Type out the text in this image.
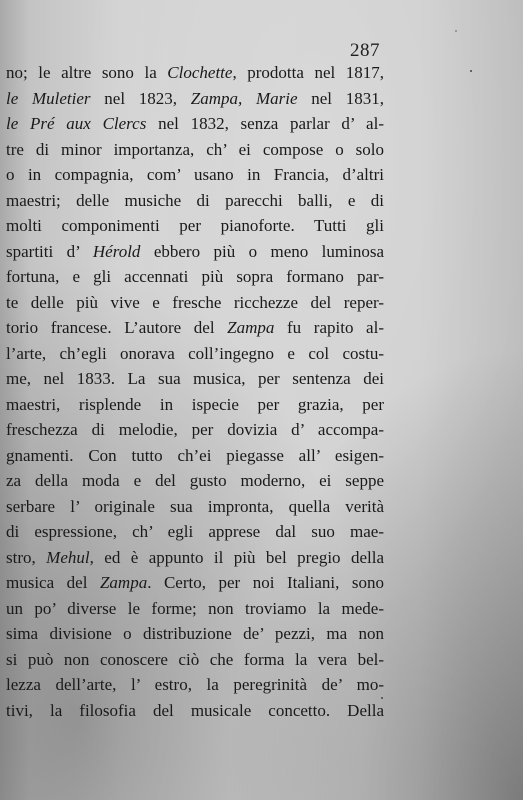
287
no; le altre sono la Clochette, prodotta nel 1817,
le Muletier nel 1823, Zampa, Marie nel 1831,
le Pré aux Clercs nel 1832, senza parlar d’ al-
tre di minor importanza, ch’ ei compose o solo
o in compagnia, com’ usano in Francia, d’altri
maestri; delle musiche di parecchi balli, e di
molti componimenti per pianoforte. Tutti gli
spartiti d’ Hérold ebbero più o meno luminosa
fortuna, e gli accennati più sopra formano par-
te delle più vive e fresche ricchezze del reper-
torio francese. L’autore del Zampa fu rapito al-
l’arte, ch’egli onorava coll’ingegno e col costu-
me, nel 1833. La sua musica, per sentenza dei
maestri, risplende in ispecie per grazia, per
freschezza di melodie, per dovizia d’ accompa-
gnamenti. Con tutto ch’ei piegasse all’ esigen-
za della moda e del gusto moderno, ei seppe
serbare l’ originale sua impronta, quella verità
di espressione, ch’ egli apprese dal suo mae-
stro, Mehul, ed è appunto il più bel pregio della
musica del Zampa. Certo, per noi Italiani, sono
un po’ diverse le forme; non troviamo la mede-
sima divisione o distribuzione de’ pezzi, ma non
si può non conoscere ciò che forma la vera bel-
lezza dell’arte, l’ estro, la peregrinità de’ mo-
tivi, la filosofia del musicale concetto. Della
